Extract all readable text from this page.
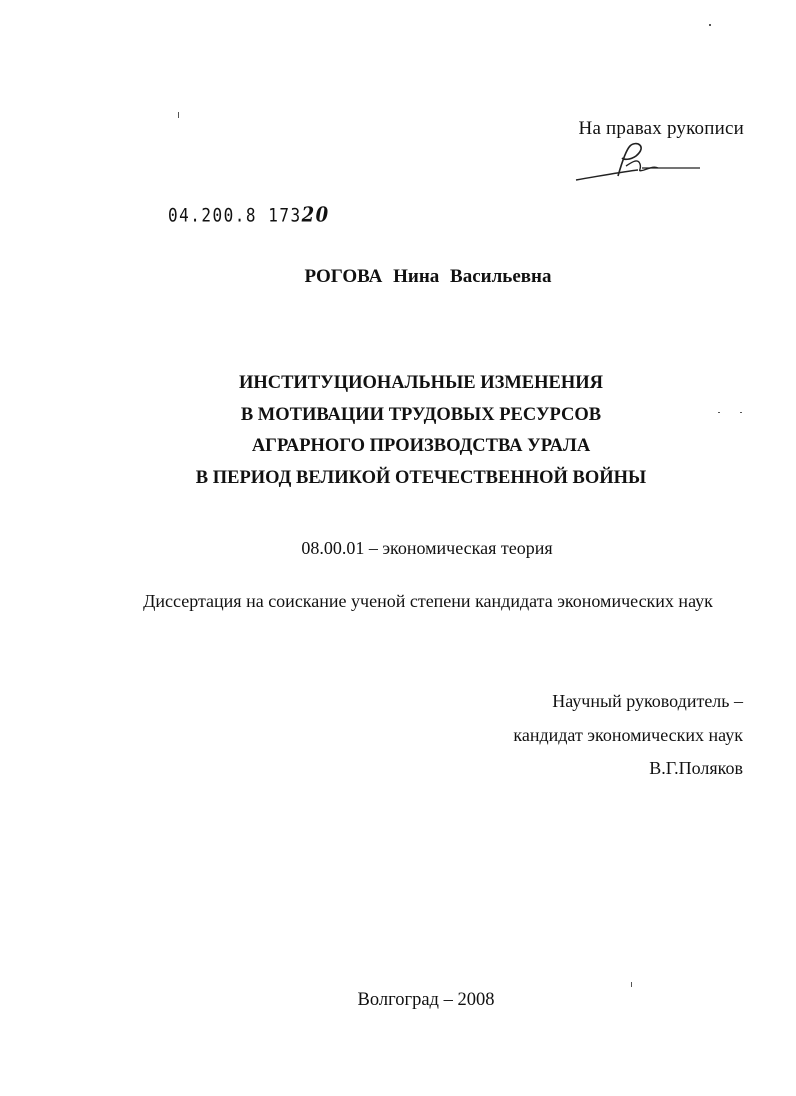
На правах рукописи
04.200.8 17320
РОГОВА Нина Васильевна
ИНСТИТУЦИОНАЛЬНЫЕ ИЗМЕНЕНИЯ
В МОТИВАЦИИ ТРУДОВЫХ РЕСУРСОВ
АГРАРНОГО ПРОИЗВОДСТВА УРАЛА
В ПЕРИОД ВЕЛИКОЙ ОТЕЧЕСТВЕННОЙ ВОЙНЫ
08.00.01 – экономическая теория
Диссертация на соискание ученой степени кандидата экономических наук
Научный руководитель –
кандидат экономических наук
В.Г.Поляков
Волгоград – 2008
